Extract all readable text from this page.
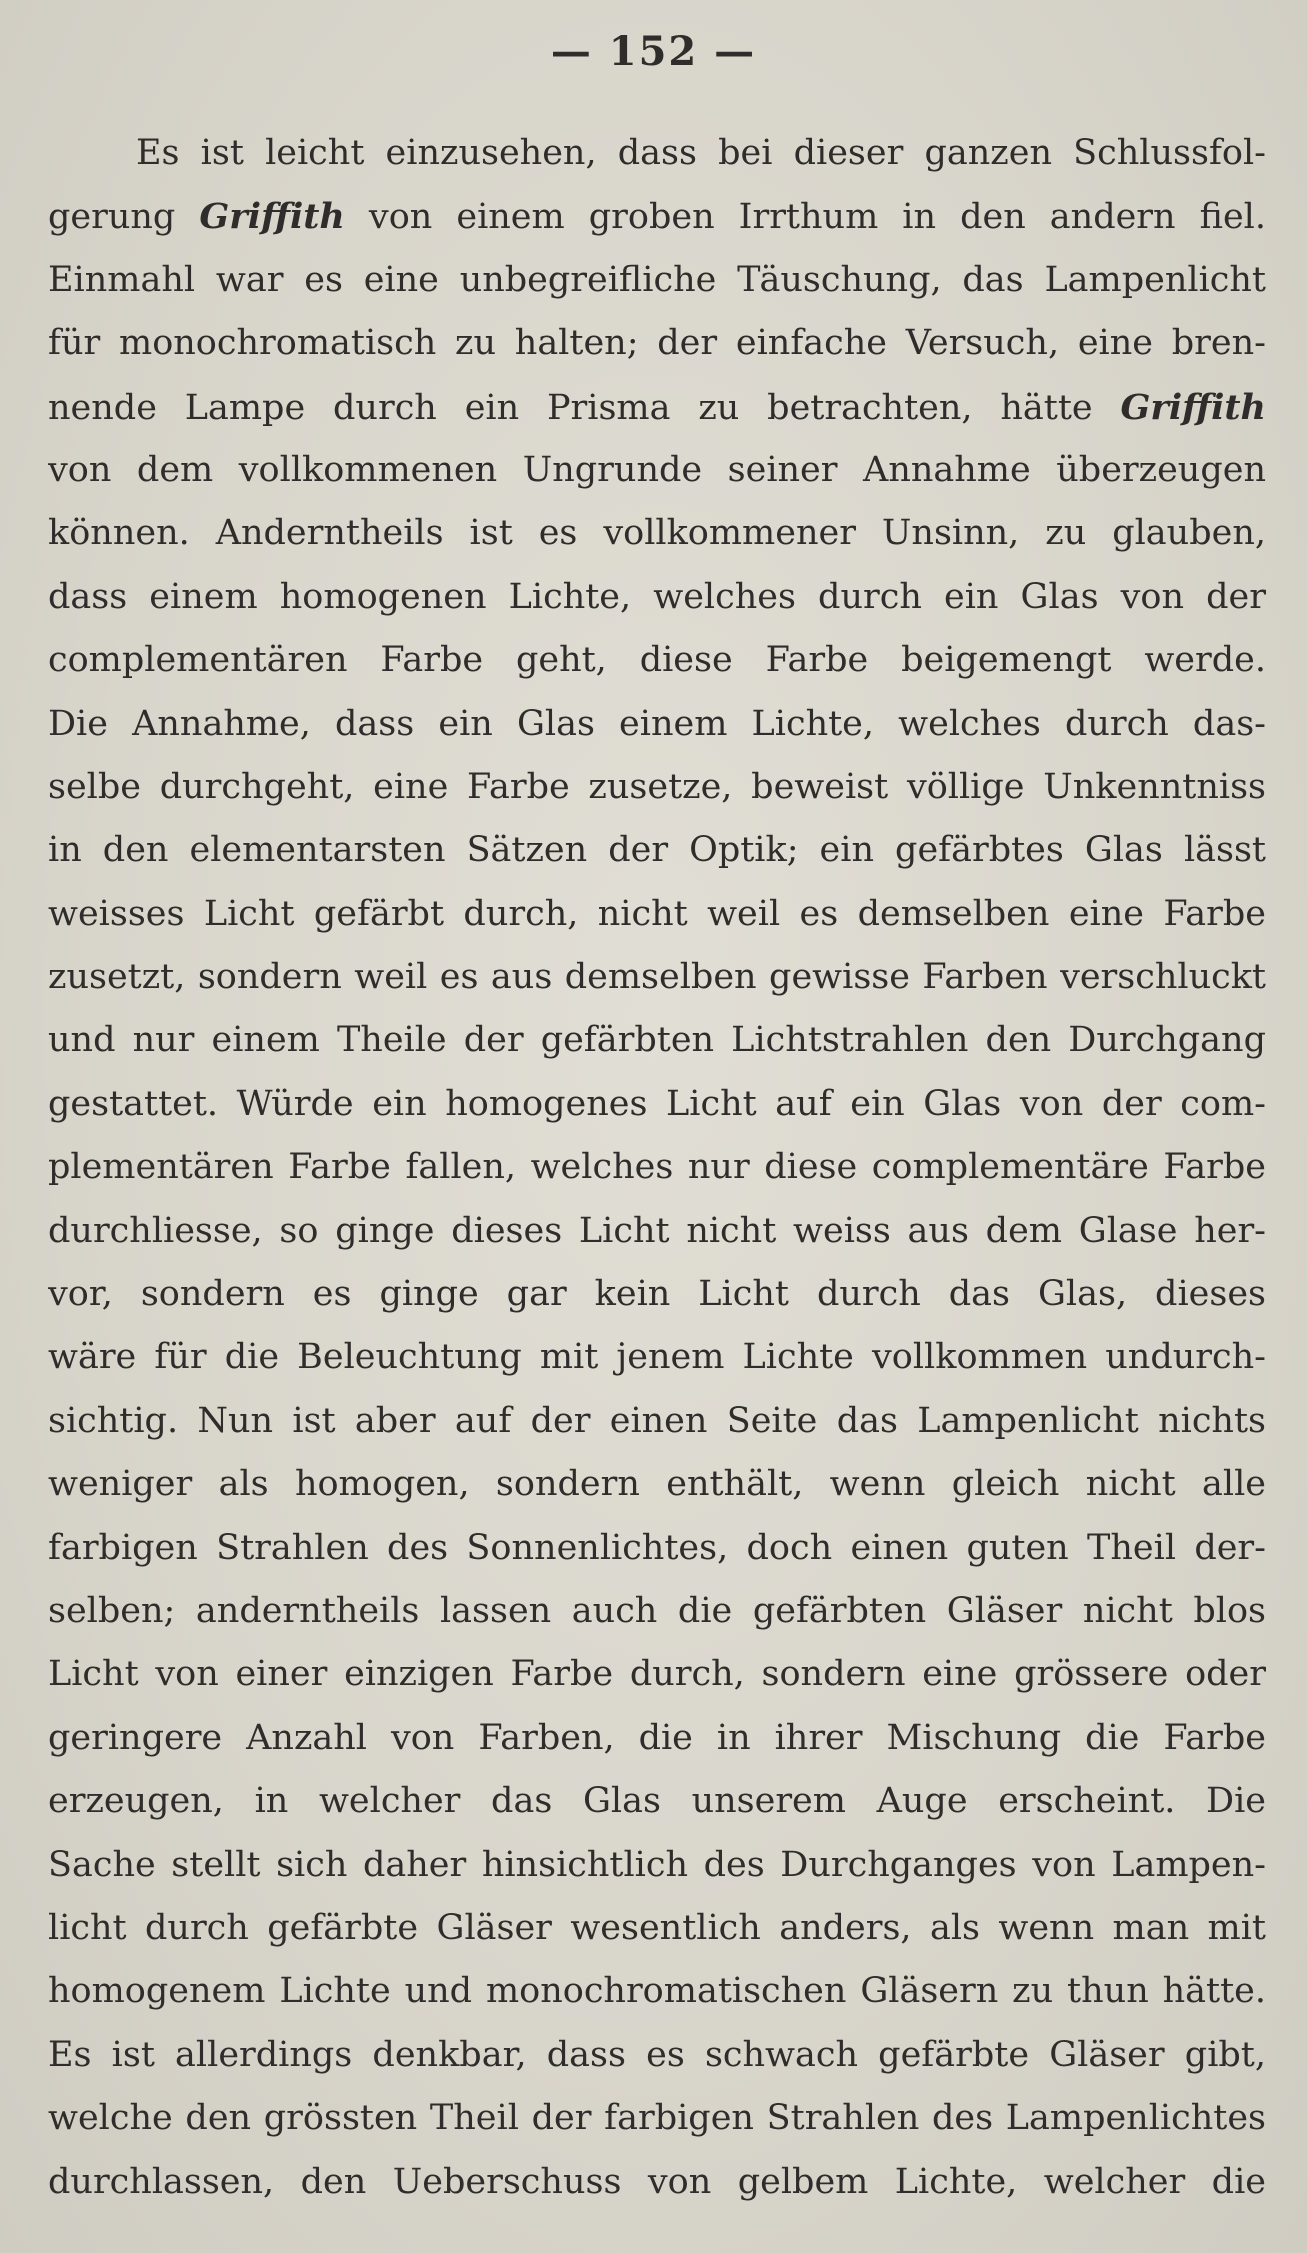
— 152 —
Es ist leicht einzusehen, dass bei dieser ganzen Schlussfol-
gerung Griffith von einem groben Irrthum in den andern fiel.
Einmahl war es eine unbegreifliche Täuschung, das Lampenlicht
für monochromatisch zu halten; der einfache Versuch, eine bren-
nende Lampe durch ein Prisma zu betrachten, hätte Griffith
von dem vollkommenen Ungrunde seiner Annahme überzeugen
können. Anderntheils ist es vollkommener Unsinn, zu glauben,
dass einem homogenen Lichte, welches durch ein Glas von der
complementären Farbe geht, diese Farbe beigemengt werde.
Die Annahme, dass ein Glas einem Lichte, welches durch das-
selbe durchgeht, eine Farbe zusetze, beweist völlige Unkenntniss
in den elementarsten Sätzen der Optik; ein gefärbtes Glas lässt
weisses Licht gefärbt durch, nicht weil es demselben eine Farbe
zusetzt, sondern weil es aus demselben gewisse Farben verschluckt
und nur einem Theile der gefärbten Lichtstrahlen den Durchgang
gestattet. Würde ein homogenes Licht auf ein Glas von der com-
plementären Farbe fallen, welches nur diese complementäre Farbe
durchliesse, so ginge dieses Licht nicht weiss aus dem Glase her-
vor, sondern es ginge gar kein Licht durch das Glas, dieses
wäre für die Beleuchtung mit jenem Lichte vollkommen undurch-
sichtig. Nun ist aber auf der einen Seite das Lampenlicht nichts
weniger als homogen, sondern enthält, wenn gleich nicht alle
farbigen Strahlen des Sonnenlichtes, doch einen guten Theil der-
selben; anderntheils lassen auch die gefärbten Gläser nicht blos
Licht von einer einzigen Farbe durch, sondern eine grössere oder
geringere Anzahl von Farben, die in ihrer Mischung die Farbe
erzeugen, in welcher das Glas unserem Auge erscheint. Die
Sache stellt sich daher hinsichtlich des Durchganges von Lampen-
licht durch gefärbte Gläser wesentlich anders, als wenn man mit
homogenem Lichte und monochromatischen Gläsern zu thun hätte.
Es ist allerdings denkbar, dass es schwach gefärbte Gläser gibt,
welche den grössten Theil der farbigen Strahlen des Lampenlichtes
durchlassen, den Ueberschuss von gelbem Lichte, welcher die
